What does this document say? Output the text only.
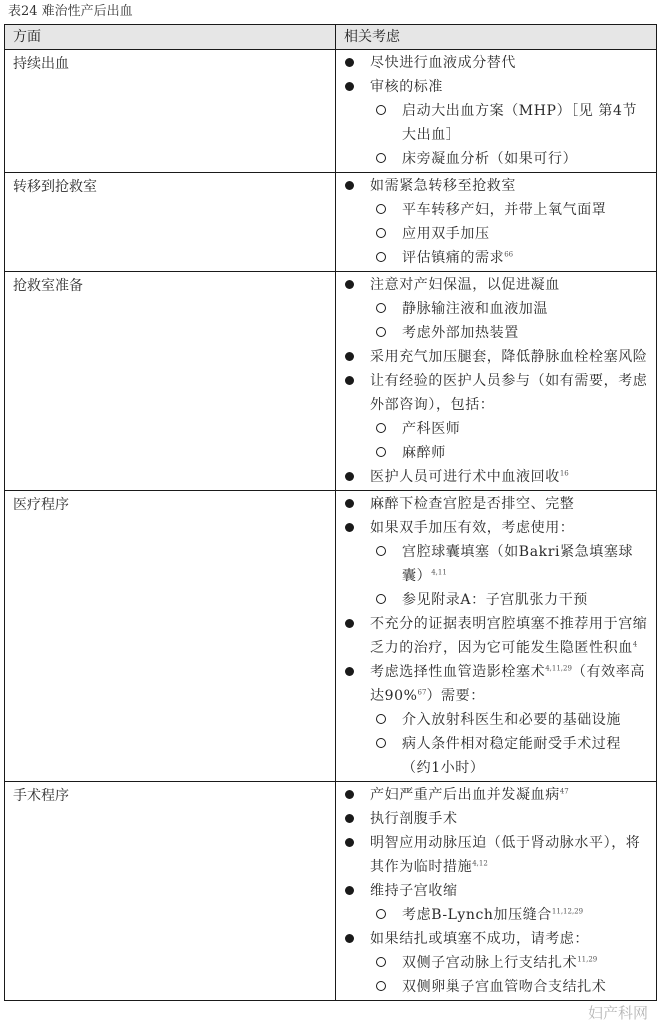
表24 难治性产后出血
方面	相关考虑
持续出血	尽快进行血液成分替代
审核的标准
启动大出血方案（MHP）［见 第4节大出血］
床旁凝血分析（如果可行）

转移到抢救室	如需紧急转移至抢救室
平车转移产妇，并带上氧气面罩
应用双手加压
评估镇痛的需求$^{66}$

抢救室准备	注意对产妇保温，以促进凝血
静脉输注液和血液加温
考虑外部加热装置
采用充气加压腿套，降低静脉血栓栓塞风险
让有经验的医护人员参与（如有需要，考虑外部咨询），包括：
产科医师
麻醉师
医护人员可进行术中血液回收$^{16}$

医疗程序	麻醉下检查宫腔是否排空、完整
如果双手加压有效，考虑使用：
宫腔球囊填塞（如Bakri紧急填塞球囊）$^{4,11}$
参见附录A：子宫肌张力干预
不充分的证据表明宫腔填塞不推荐用于宫缩乏力的治疗，因为它可能发生隐匿性积血$^4$
考虑选择性血管造影栓塞术$^{4,11,29}$（有效率高达90%$^{67}$）需要：
介入放射科医生和必要的基础设施
病人条件相对稳定能耐受手术过程（约1小时）

手术程序	产妇严重产后出血并发凝血病$^{47}$
执行剖腹手术
明智应用动脉压迫（低于肾动脉水平），将其作为临时措施$^{4,12}$
维持子宫收缩
考虑B-Lynch加压缝合$^{11,12,29}$
如果结扎或填塞不成功，请考虑：
双侧子宫动脉上行支结扎术$^{11,29}$
双侧卵巢子宫血管吻合支结扎术
妇产科网
